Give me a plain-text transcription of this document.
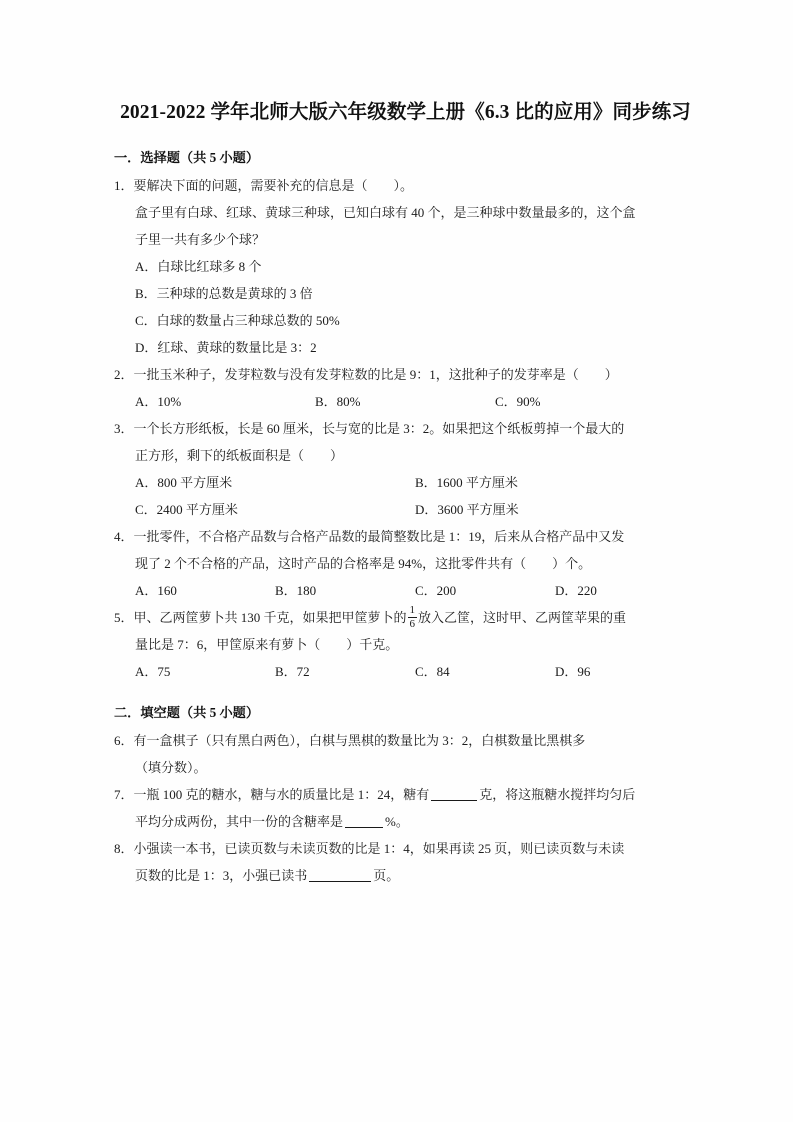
2021-2022 学年北师大版六年级数学上册《6.3 比的应用》同步练习
一．选择题（共 5 小题）
1．要解决下面的问题，需要补充的信息是（　　）。
盒子里有白球、红球、黄球三种球，已知白球有 40 个，是三种球中数量最多的，这个盒
子里一共有多少个球？
A．白球比红球多 8 个
B．三种球的总数是黄球的 3 倍
C．白球的数量占三种球总数的 50%
D．红球、黄球的数量比是 3：2
2．一批玉米种子，发芽粒数与没有发芽粒数的比是 9：1，这批种子的发芽率是（　　）
A．10%	B．80%	C．90%
3．一个长方形纸板，长是 60 厘米，长与宽的比是 3：2。如果把这个纸板剪掉一个最大的
正方形，剩下的纸板面积是（　　）
A．800 平方厘米	B．1600 平方厘米
C．2400 平方厘米	D．3600 平方厘米
4．一批零件，不合格产品数与合格产品数的最简整数比是 1：19，后来从合格产品中又发
现了 2 个不合格的产品，这时产品的合格率是 94%，这批零件共有（　　）个。
A．160	B．180	C．200	D．220
5．甲、乙两筐萝卜共 130 千克，如果把甲筐萝卜的 $\frac{1}{6}$ 放入乙筐，这时甲、乙两筐苹果的重
量比是 7：6，甲筐原来有萝卜（　　）千克。
A．75	B．72	C．84	D．96
二．填空题（共 5 小题）
6．有一盒棋子（只有黑白两色），白棋与黑棋的数量比为 3：2，白棋数量比黑棋多
（填分数）。
7．一瓶 100 克的糖水，糖与水的质量比是 1：24，糖有	克，将这瓶糖水搅拌均匀后
平均分成两份，其中一份的含糖率是	%。
8．小强读一本书，已读页数与未读页数的比是 1：4，如果再读 25 页，则已读页数与未读
页数的比是 1：3，小强已读书	页。
